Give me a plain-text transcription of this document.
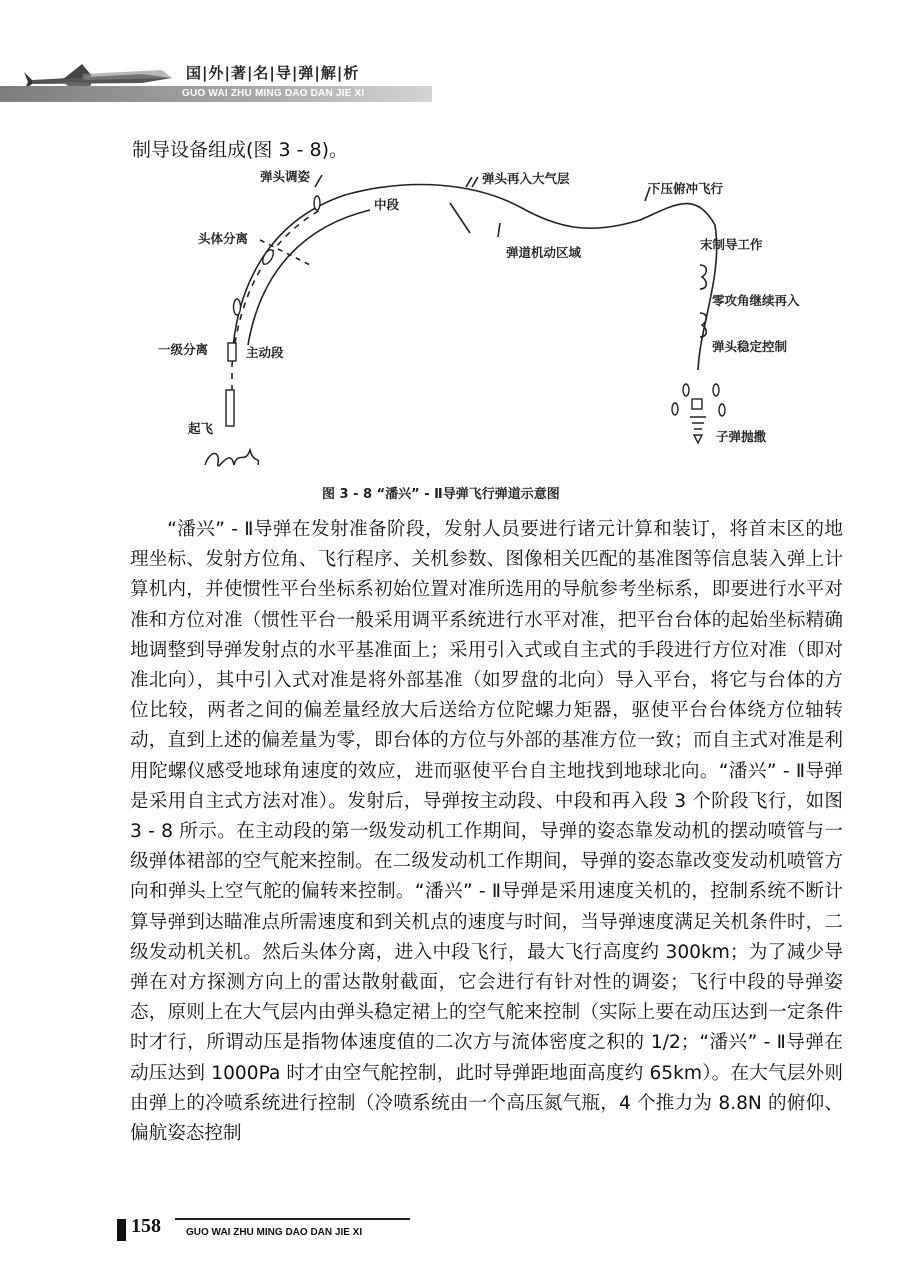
国|外|著|名|导|弹|解|析
GUO WAI ZHU MING DAO DAN JIE XI
制导设备组成(图 3 - 8)。
弹头调姿
中段
弹头再入大气层
下压俯冲飞行
头体分离
弹道机动区域
末制导工作
零攻角继续再入
弹头稳定控制
一级分离	主动段
起飞
子弹抛撒
图 3 - 8 “潘兴” - Ⅱ导弹飞行弹道示意图

“潘兴” - Ⅱ导弹在发射准备阶段，发射人员要进行诸元计算和装订，将首末区的地理坐标、发射方位角、飞行程序、关机参数、图像相关匹配的基准图等信息装入弹上计算机内，并使惯性平台坐标系初始位置对准所选用的导航参考坐标系，即要进行水平对准和方位对准（惯性平台一般采用调平系统进行水平对准，把平台台体的起始坐标精确地调整到导弹发射点的水平基准面上；采用引入式或自主式的手段进行方位对准（即对准北向），其中引入式对准是将外部基准（如罗盘的北向）导入平台，将它与台体的方位比较，两者之间的偏差量经放大后送给方位陀螺力矩器，驱使平台台体绕方位轴转动，直到上述的偏差量为零，即台体的方位与外部的基准方位一致；而自主式对准是利用陀螺仪感受地球角速度的效应，进而驱使平台自主地找到地球北向。“潘兴” - Ⅱ导弹是采用自主式方法对准）。发射后，导弹按主动段、中段和再入段 3 个阶段飞行，如图 3 - 8 所示。在主动段的第一级发动机工作期间，导弹的姿态靠发动机的摆动喷管与一级弹体裙部的空气舵来控制。在二级发动机工作期间，导弹的姿态靠改变发动机喷管方向和弹头上空气舵的偏转来控制。“潘兴” - Ⅱ导弹是采用速度关机的，控制系统不断计算导弹到达瞄准点所需速度和到关机点的速度与时间，当导弹速度满足关机条件时，二级发动机关机。然后头体分离，进入中段飞行，最大飞行高度约 300km；为了减少导弹在对方探测方向上的雷达散射截面，它会进行有针对性的调姿；飞行中段的导弹姿态，原则上在大气层内由弹头稳定裙上的空气舵来控制（实际上要在动压达到一定条件时才行，所谓动压是指物体速度值的二次方与流体密度之积的 1/2；“潘兴” - Ⅱ导弹在动压达到 1000Pa 时才由空气舵控制，此时导弹距地面高度约 65km）。在大气层外则由弹上的冷喷系统进行控制（冷喷系统由一个高压氮气瓶，4 个推力为 8.8N 的俯仰、偏航姿态控制

158	GUO WAI ZHU MING DAO DAN JIE XI
